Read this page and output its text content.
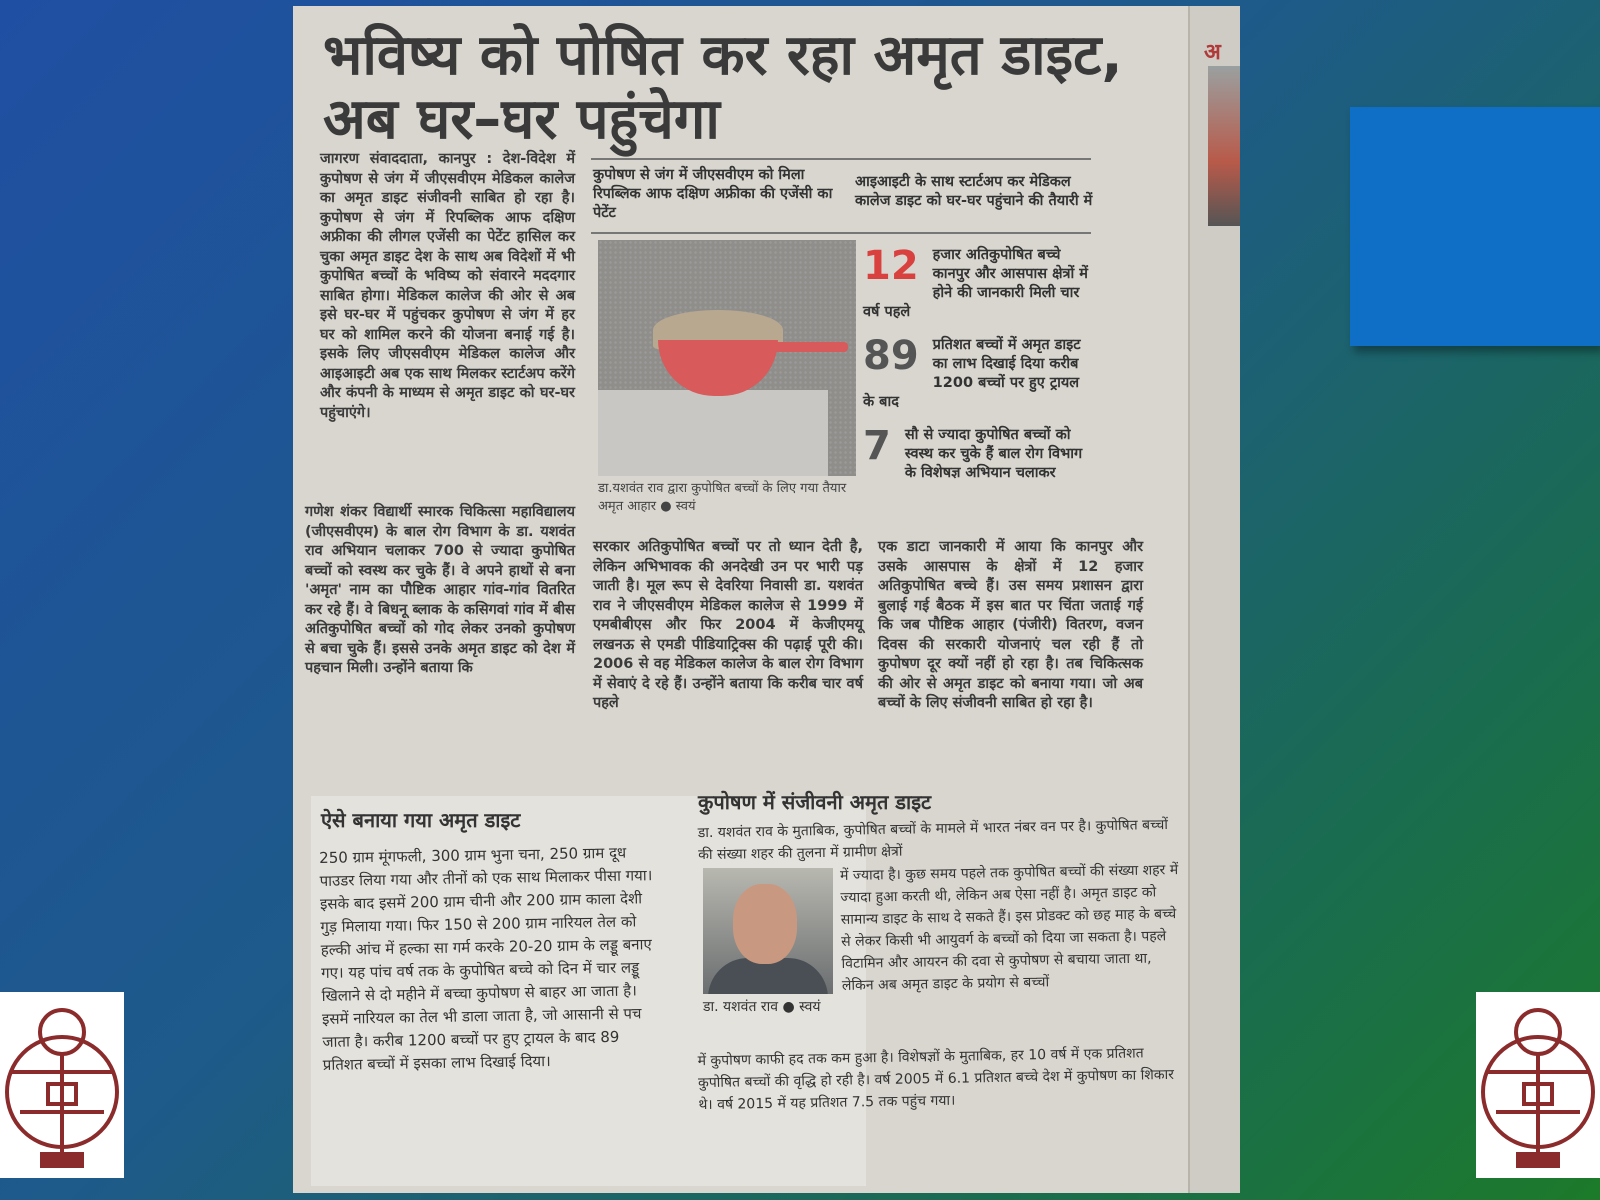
अ
भविष्य को पोषित कर रहा अमृत डाइट, अब घर–घर पहुंचेगा

जागरण संवाददाता, कानपुर : देश-विदेश में कुपोषण से जंग में जीएसवीएम मेडिकल कालेज का अमृत डाइट संजीवनी साबित हो रहा है। कुपोषण से जंग में रिपब्लिक आफ दक्षिण अफ्रीका की लीगल एजेंसी का पेटेंट हासिल कर चुका अमृत डाइट देश के साथ अब विदेशों में भी कुपोषित बच्चों के भविष्य को संवारने मददगार साबित होगा। मेडिकल कालेज की ओर से अब इसे घर-घर में पहुंचकर कुपोषण से जंग में हर घर को शामिल करने की योजना बनाई गई है। इसके लिए जीएसवीएम मेडिकल कालेज और आइआइटी अब एक साथ मिलकर स्टार्टअप करेंगे और कंपनी के माध्यम से अमृत डाइट को घर-घर पहुंचाएंगे।

गणेश शंकर विद्यार्थी स्मारक चिकित्सा महाविद्यालय (जीएसवीएम) के बाल रोग विभाग के डा. यशवंत राव अभियान चलाकर 700 से ज्यादा कुपोषित बच्चों को स्वस्थ कर चुके हैं। वे अपने हाथों से बना 'अमृत' नाम का पौष्टिक आहार गांव-गांव वितरित कर रहे हैं। वे बिधनू ब्लाक के कसिगवां गांव में बीस अतिकुपोषित बच्चों को गोद लेकर उनको कुपोषण से बचा चुके हैं। इससे उनके अमृत डाइट को देश में पहचान मिली। उन्होंने बताया कि

कुपोषण से जंग में जीएसवीएम को मिला रिपब्लिक आफ दक्षिण अफ्रीका की एजेंसी का पेटेंट

आइआइटी के साथ स्टार्टअप कर मेडिकल कालेज डाइट को घर-घर पहुंचाने की तैयारी में

डा.यशवंत राव द्वारा कुपोषित बच्चों के लिए गया तैयार अमृत आहार ● स्वयं

12 हजार अतिकुपोषित बच्चे कानपुर और आसपास क्षेत्रों में होने की जानकारी मिली चार वर्ष पहले
89 प्रतिशत बच्चों में अमृत डाइट का लाभ दिखाई दिया करीब 1200 बच्चों पर हुए ट्रायल के बाद
7 सौ से ज्यादा कुपोषित बच्चों को स्वस्थ कर चुके हैं बाल रोग विभाग के विशेषज्ञ अभियान चलाकर

सरकार अतिकुपोषित बच्चों पर तो ध्यान देती है, लेकिन अभिभावक की अनदेखी उन पर भारी पड़ जाती है। मूल रूप से देवरिया निवासी डा. यशवंत राव ने जीएसवीएम मेडिकल कालेज से 1999 में एमबीबीएस और फिर 2004 में केजीएमयू लखनऊ से एमडी पीडियाट्रिक्स की पढ़ाई पूरी की। 2006 से वह मेडिकल कालेज के बाल रोग विभाग में सेवाएं दे रहे हैं। उन्होंने बताया कि करीब चार वर्ष पहले

एक डाटा जानकारी में आया कि कानपुर और उसके आसपास के क्षेत्रों में 12 हजार अतिकुपोषित बच्चे हैं। उस समय प्रशासन द्वारा बुलाई गई बैठक में इस बात पर चिंता जताई गई कि जब पौष्टिक आहार (पंजीरी) वितरण, वजन दिवस की सरकारी योजनाएं चल रही हैं तो कुपोषण दूर क्यों नहीं हो रहा है। तब चिकित्सक की ओर से अमृत डाइट को बनाया गया। जो अब बच्चों के लिए संजीवनी साबित हो रहा है।

ऐसे बनाया गया अमृत डाइट

250 ग्राम मूंगफली, 300 ग्राम भुना चना, 250 ग्राम दूध पाउडर लिया गया और तीनों को एक साथ मिलाकर पीसा गया। इसके बाद इसमें 200 ग्राम चीनी और 200 ग्राम काला देशी गुड़ मिलाया गया। फिर 150 से 200 ग्राम नारियल तेल को हल्की आंच में हल्का सा गर्म करके 20-20 ग्राम के लड्डू बनाए गए। यह पांच वर्ष तक के कुपोषित बच्चे को दिन में चार लड्डू खिलाने से दो महीने में बच्चा कुपोषण से बाहर आ जाता है। इसमें नारियल का तेल भी डाला जाता है, जो आसानी से पच जाता है। करीब 1200 बच्चों पर हुए ट्रायल के बाद 89 प्रतिशत बच्चों में इसका लाभ दिखाई दिया।

कुपोषण में संजीवनी अमृत डाइट

डा. यशवंत राव के मुताबिक, कुपोषित बच्चों के मामले में भारत नंबर वन पर है। कुपोषित बच्चों की संख्या शहर की तुलना में ग्रामीण क्षेत्रों

में ज्यादा है। कुछ समय पहले तक कुपोषित बच्चों की संख्या शहर में ज्यादा हुआ करती थी, लेकिन अब ऐसा नहीं है। अमृत डाइट को सामान्य डाइट के साथ दे सकते हैं। इस प्रोडक्ट को छह माह के बच्चे से लेकर किसी भी आयुवर्ग के बच्चों को दिया जा सकता है। पहले विटामिन और आयरन की दवा से कुपोषण से बचाया जाता था, लेकिन अब अमृत डाइट के प्रयोग से बच्चों

डा. यशवंत राव ● स्वयं

में कुपोषण काफी हद तक कम हुआ है। विशेषज्ञों के मुताबिक, हर 10 वर्ष में एक प्रतिशत कुपोषित बच्चों की वृद्धि हो रही है। वर्ष 2005 में 6.1 प्रतिशत बच्चे देश में कुपोषण का शिकार थे। वर्ष 2015 में यह प्रतिशत 7.5 तक पहुंच गया।
